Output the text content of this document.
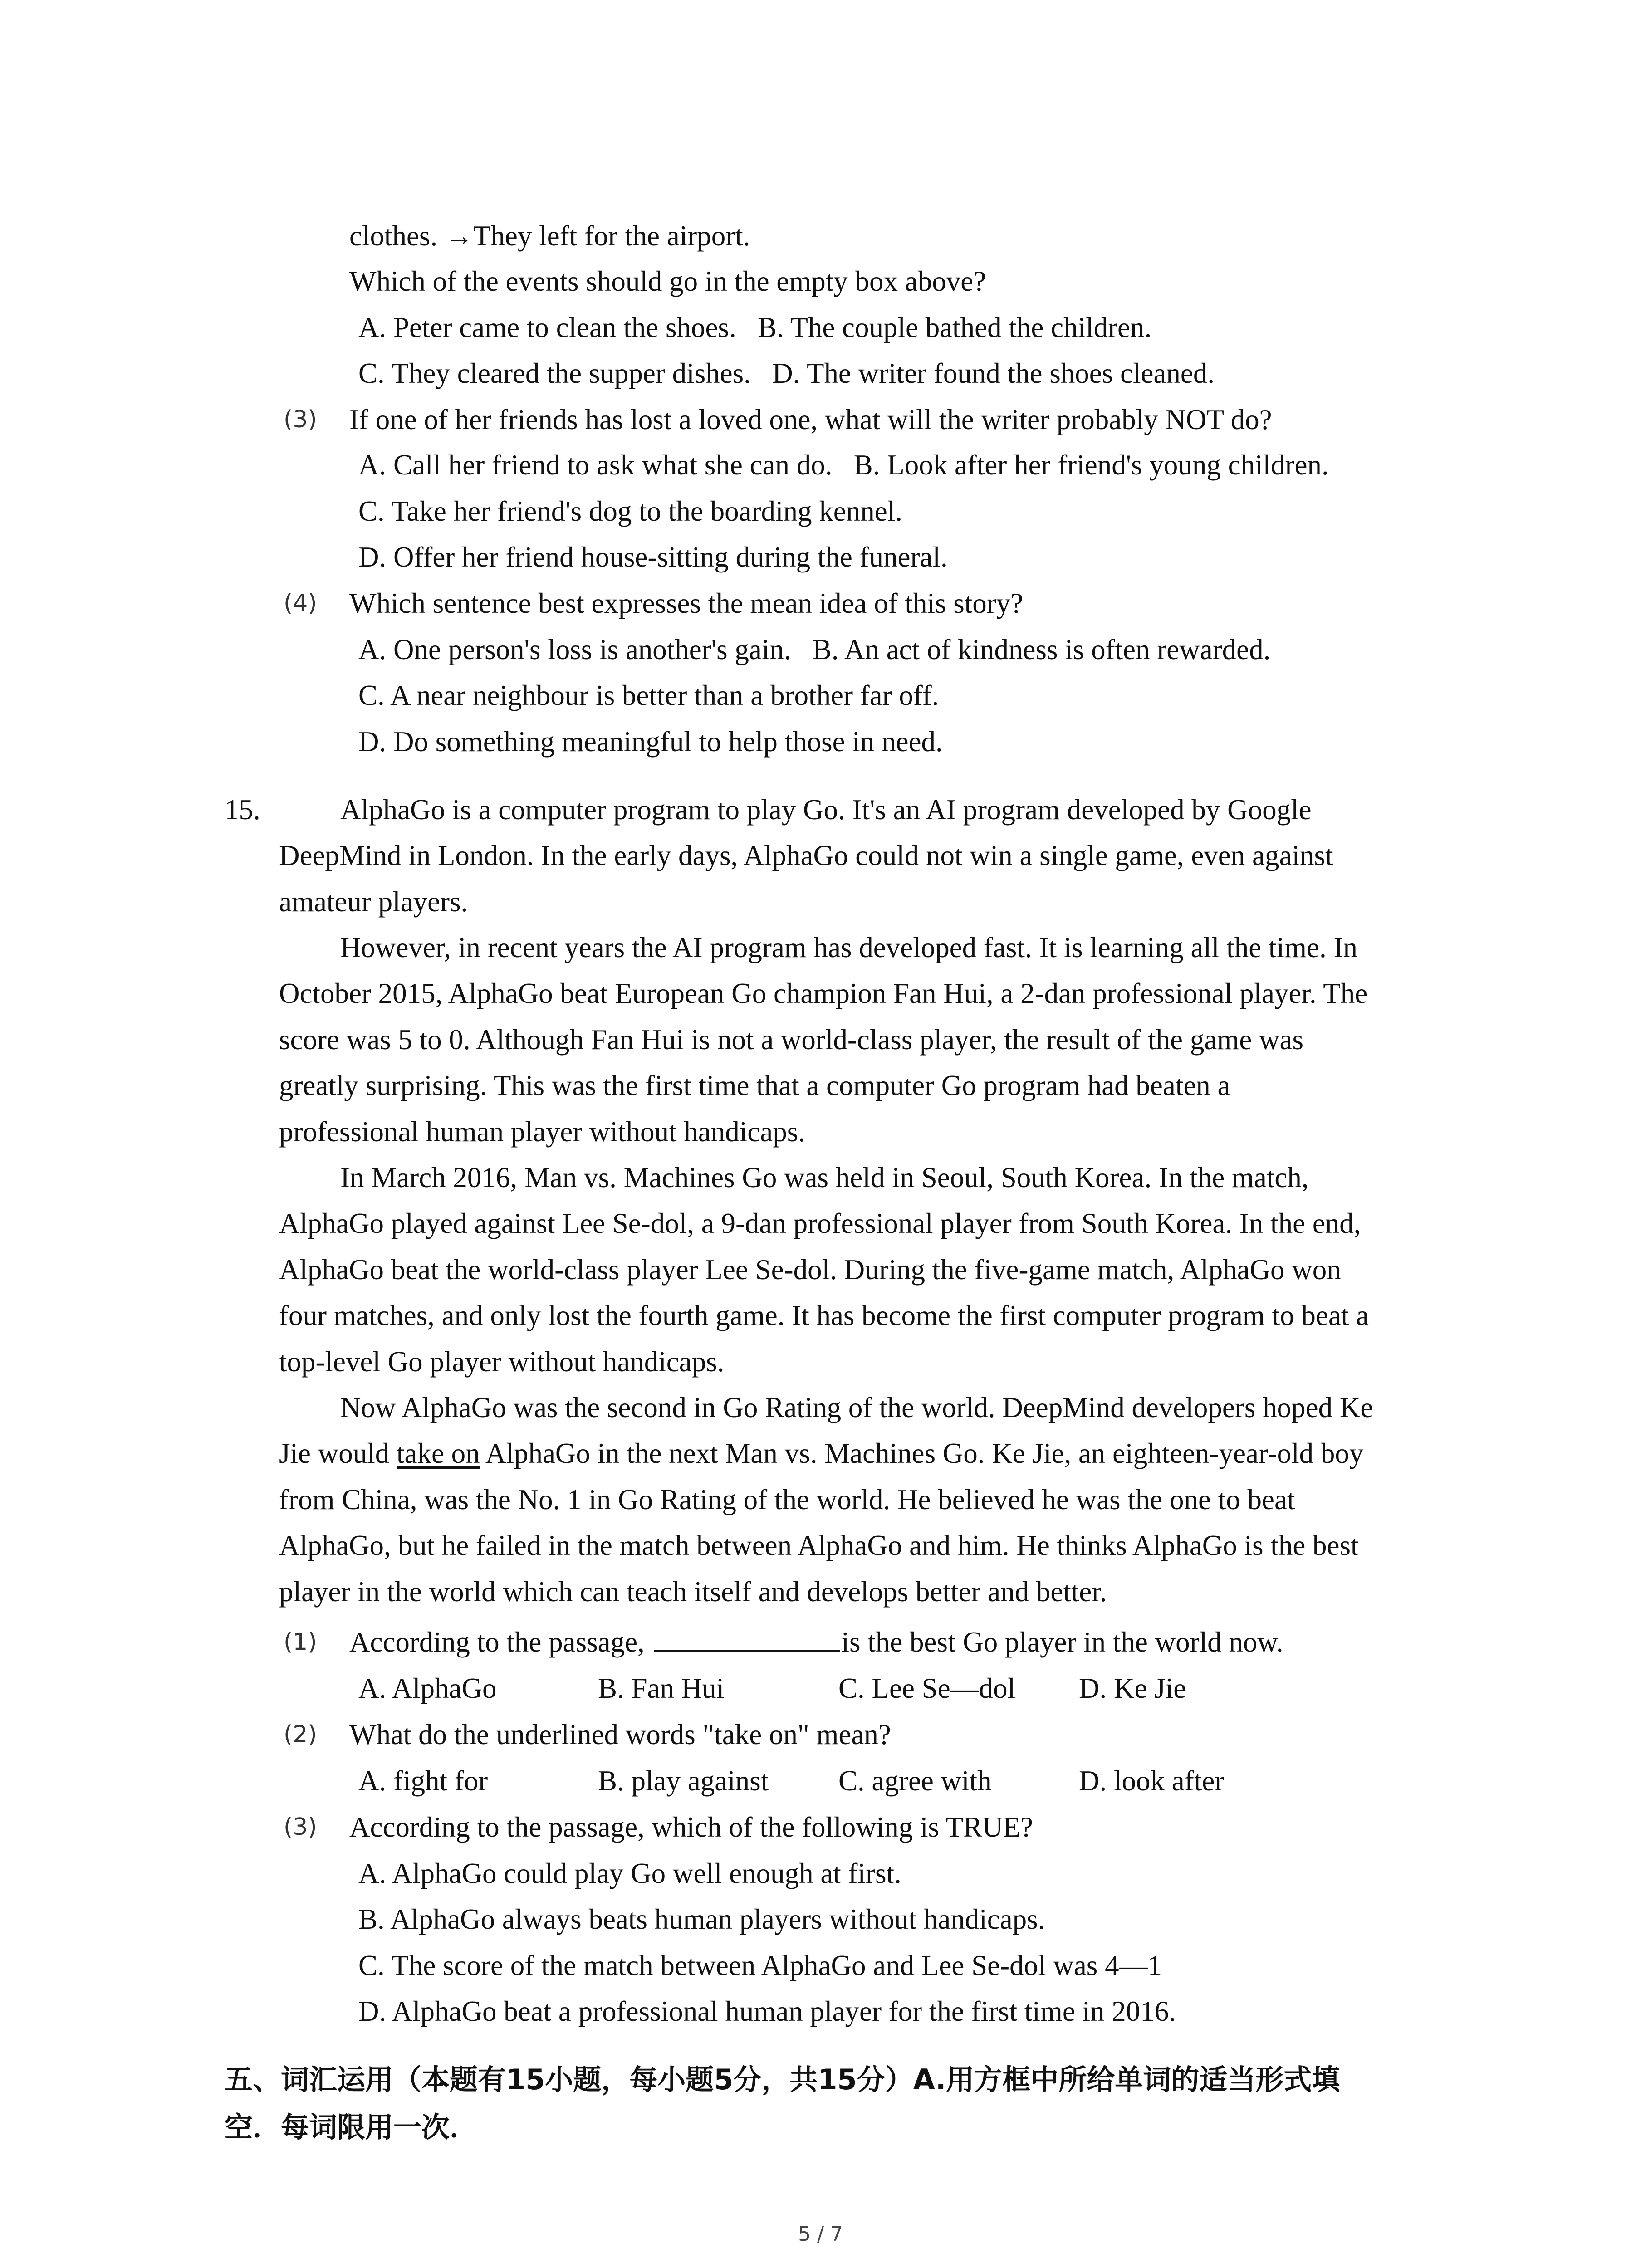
clothes. →They left for the airport.
Which of the events should go in the empty box above?
A. Peter came to clean the shoes. B. The couple bathed the children.
C. They cleared the supper dishes. D. The writer found the shoes cleaned.
(3) If one of her friends has lost a loved one, what will the writer probably NOT do?
A. Call her friend to ask what she can do. B. Look after her friend's young children.
C. Take her friend's dog to the boarding kennel.
D. Offer her friend house-sitting during the funeral.
(4) Which sentence best expresses the mean idea of this story?
A. One person's loss is another's gain. B. An act of kindness is often rewarded.
C. A near neighbour is better than a brother far off.
D. Do something meaningful to help those in need.
15.	AlphaGo is a computer program to play Go. It's an AI program developed by Google
DeepMind in London. In the early days, AlphaGo could not win a single game, even against
amateur players.
However, in recent years the AI program has developed fast. It is learning all the time. In
October 2015, AlphaGo beat European Go champion Fan Hui, a 2-dan professional player. The
score was 5 to 0. Although Fan Hui is not a world-class player, the result of the game was
greatly surprising. This was the first time that a computer Go program had beaten a
professional human player without handicaps.
In March 2016, Man vs. Machines Go was held in Seoul, South Korea. In the match,
AlphaGo played against Lee Se-dol, a 9-dan professional player from South Korea. In the end,
AlphaGo beat the world-class player Lee Se-dol. During the five-game match, AlphaGo won
four matches, and only lost the fourth game. It has become the first computer program to beat a
top-level Go player without handicaps.
Now AlphaGo was the second in Go Rating of the world. DeepMind developers hoped Ke
Jie would take on AlphaGo in the next Man vs. Machines Go. Ke Jie, an eighteen-year-old boy
from China, was the No. 1 in Go Rating of the world. He believed he was the one to beat
AlphaGo, but he failed in the match between AlphaGo and him. He thinks AlphaGo is the best
player in the world which can teach itself and develops better and better.
(1) According to the passage,	is the best Go player in the world now.
A. AlphaGo	B. Fan Hui	C. Lee Se—dol D. Ke Jie
(2) What do the underlined words "take on" mean?
A. fight for	B. play against C. agree with	D. look after
(3) According to the passage, which of the following is TRUE?
A. AlphaGo could play Go well enough at first.
B. AlphaGo always beats human players without handicaps.
C. The score of the match between AlphaGo and Lee Se-dol was 4—1
D. AlphaGo beat a professional human player for the first time in 2016.
五、词汇运用（本题有15小题，每小题5分，共15分）A.用方框中所给单词的适当形式填
空．每词限用一次．
5 / 7
